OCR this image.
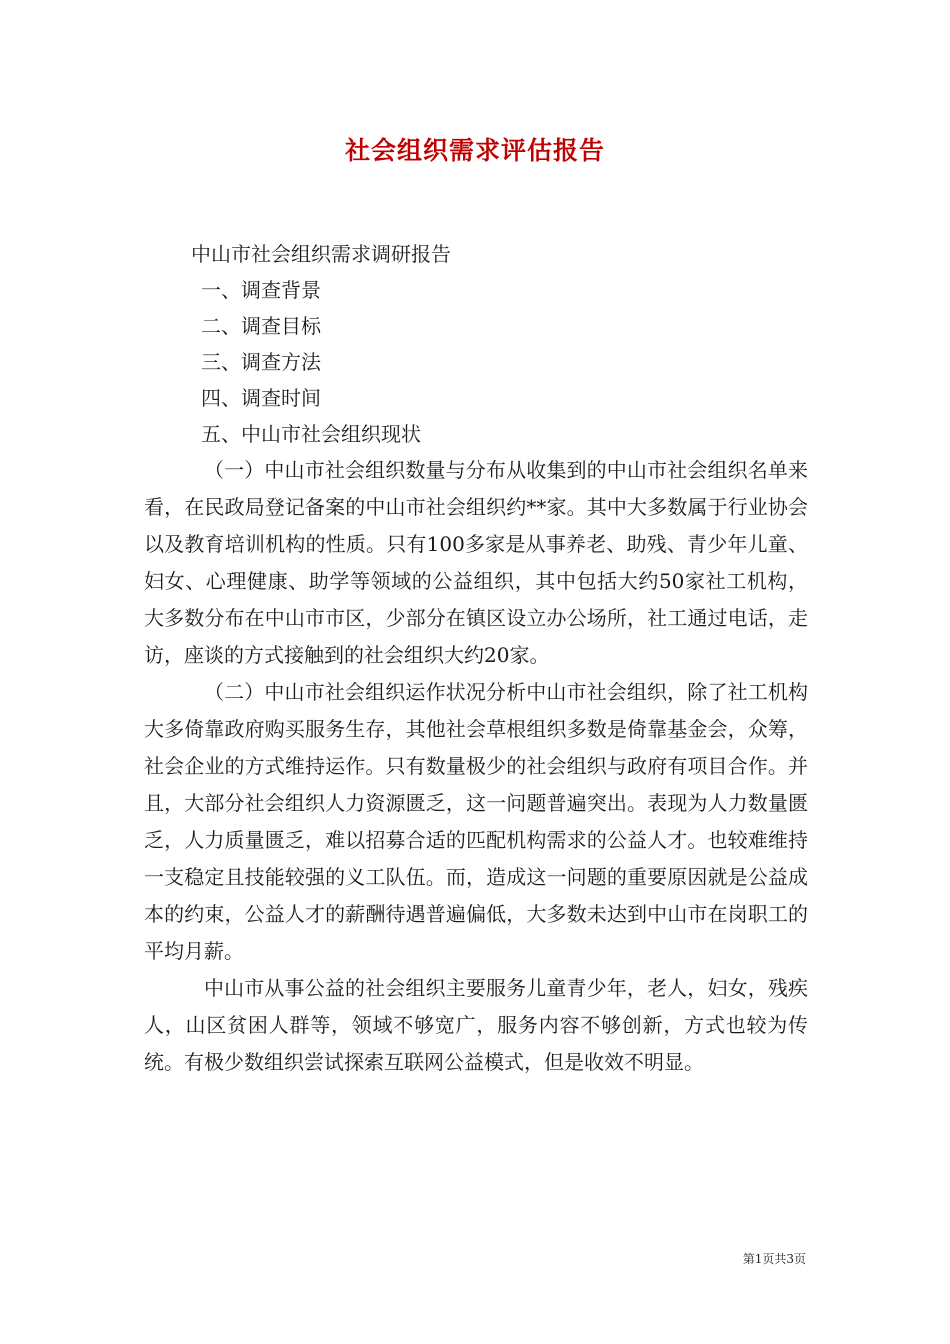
社会组织需求评估报告

中山市社会组织需求调研报告

一、调查背景

二、调查目标

三、调查方法

四、调查时间

五、中山市社会组织现状

（一）中山市社会组织数量与分布从收集到的中山市社会组织名单来看，在民政局登记备案的中山市社会组织约**家。其中大多数属于行业协会以及教育培训机构的性质。只有100多家是从事养老、助残、青少年儿童、妇女、心理健康、助学等领域的公益组织，其中包括大约50家社工机构，大多数分布在中山市市区，少部分在镇区设立办公场所，社工通过电话，走访，座谈的方式接触到的社会组织大约20家。

（二）中山市社会组织运作状况分析中山市社会组织，除了社工机构大多倚靠政府购买服务生存，其他社会草根组织多数是倚靠基金会，众筹，社会企业的方式维持运作。只有数量极少的社会组织与政府有项目合作。并且，大部分社会组织人力资源匮乏，这一问题普遍突出。表现为人力数量匮乏，人力质量匮乏，难以招募合适的匹配机构需求的公益人才。也较难维持一支稳定且技能较强的义工队伍。而，造成这一问题的重要原因就是公益成本的约束，公益人才的薪酬待遇普遍偏低，大多数未达到中山市在岗职工的平均月薪。

中山市从事公益的社会组织主要服务儿童青少年，老人，妇女，残疾人，山区贫困人群等，领域不够宽广，服务内容不够创新，方式也较为传统。有极少数组织尝试探索互联网公益模式，但是收效不明显。

第1页共3页
